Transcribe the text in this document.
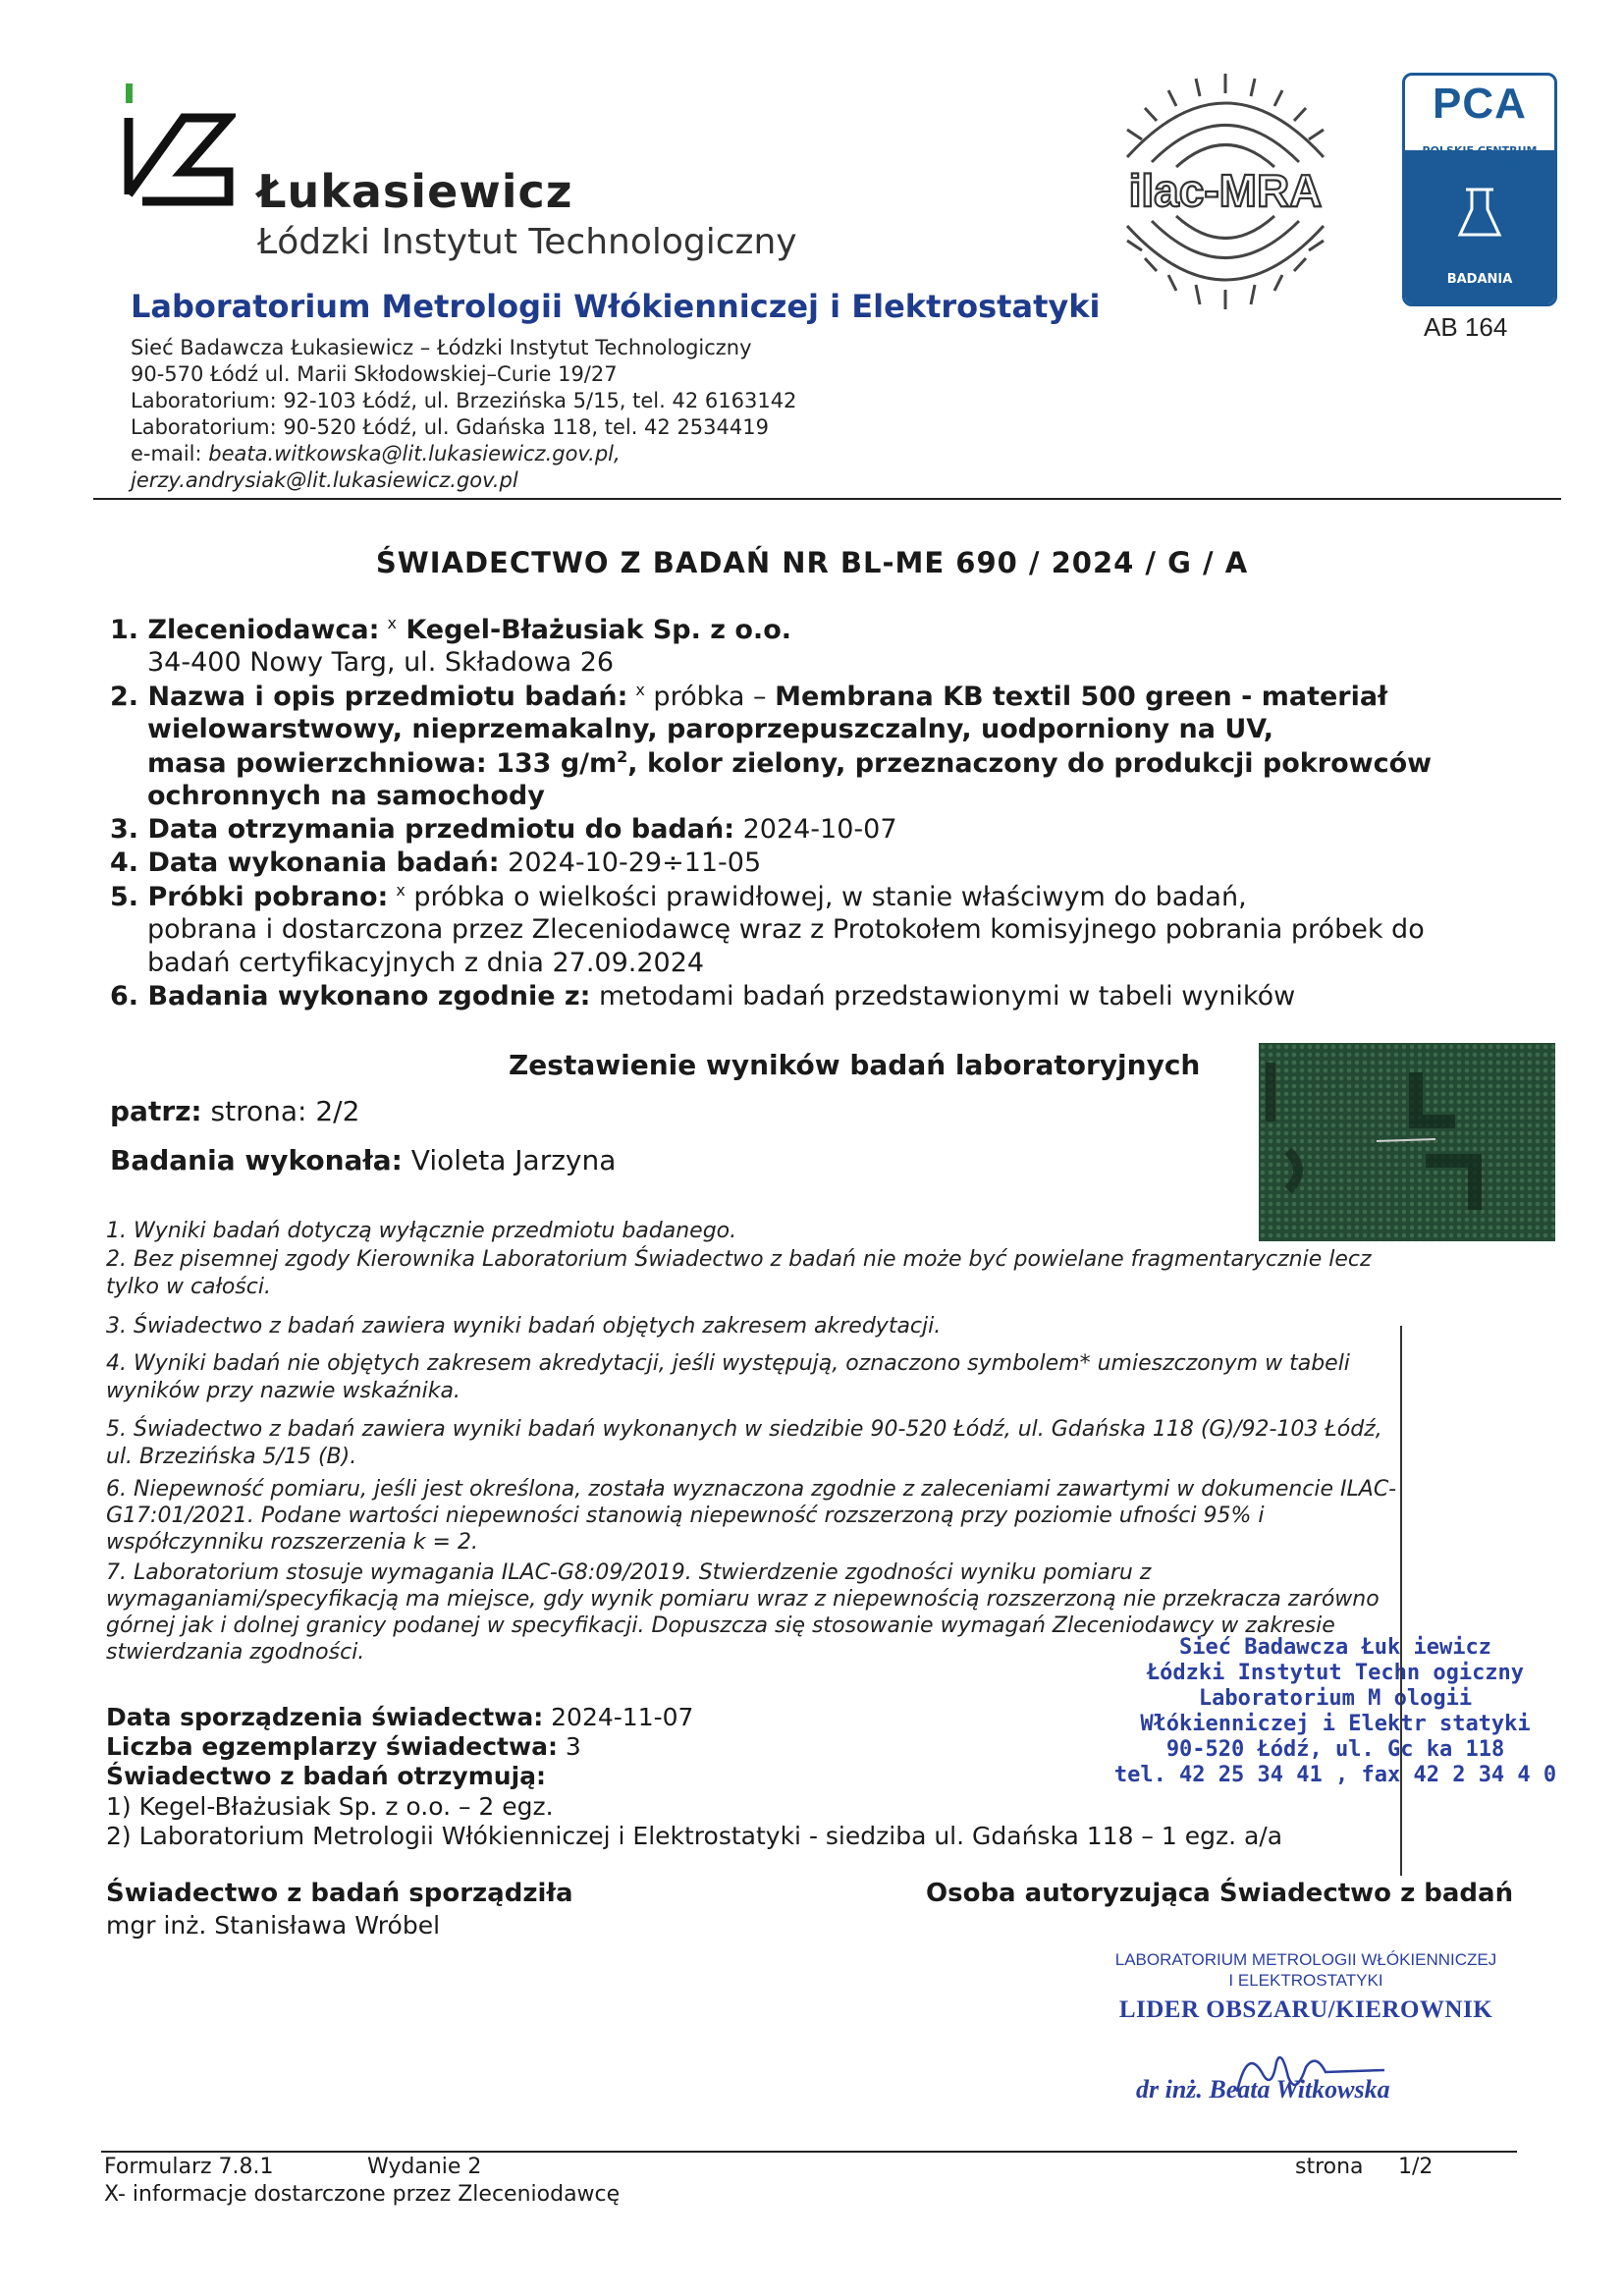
Łukasiewicz
Łódzki Instytut Technologiczny
Laboratorium Metrologii Włókienniczej i Elektrostatyki
Sieć Badawcza Łukasiewicz – Łódzki Instytut Technologiczny
90-570 Łódź ul. Marii Skłodowskiej–Curie 19/27
Laboratorium: 92-103 Łódź, ul. Brzezińska 5/15, tel. 42 6163142
Laboratorium: 90-520 Łódź, ul. Gdańska 118, tel. 42 2534419
e-mail: beata.witkowska@lit.lukasiewicz.gov.pl,
jerzy.andrysiak@lit.lukasiewicz.gov.pl
ilac-MRA
PCA
POLSKIE CENTRUM
AKREDYTACJI
BADANIA
AB 164
ŚWIADECTWO Z BADAŃ NR BL-ME 690 / 2024 / G / A
1. Zleceniodawca: $^x$ Kegel-Błażusiak Sp. z o.o.
34-400 Nowy Targ, ul. Składowa 26
2. Nazwa i opis przedmiotu badań: $^x$ próbka – Membrana KB textil 500 green - materiał
wielowarstwowy, nieprzemakalny, paroprzepuszczalny, uodporniony na UV,
masa powierzchniowa: 133 $g/m^2$, kolor zielony, przeznaczony do produkcji pokrowców
ochronnych na samochody
3. Data otrzymania przedmiotu do badań: 2024-10-07
4. Data wykonania badań: 2024-10-29÷11-05
5. Próbki pobrano: $^x$ próbka o wielkości prawidłowej, w stanie właściwym do badań,
pobrana i dostarczona przez Zleceniodawcę wraz z Protokołem komisyjnego pobrania próbek do
badań certyfikacyjnych z dnia 27.09.2024
6. Badania wykonano zgodnie z: metodami badań przedstawionymi w tabeli wyników
Zestawienie wyników badań laboratoryjnych
patrz: strona: 2/2
Badania wykonała: Violeta Jarzyna
1. Wyniki badań dotyczą wyłącznie przedmiotu badanego.
2. Bez pisemnej zgody Kierownika Laboratorium Świadectwo z badań nie może być powielane fragmentarycznie lecz
tylko w całości.
3. Świadectwo z badań zawiera wyniki badań objętych zakresem akredytacji.
4. Wyniki badań nie objętych zakresem akredytacji, jeśli występują, oznaczono symbolem* umieszczonym w tabeli
wyników przy nazwie wskaźnika.
5. Świadectwo z badań zawiera wyniki badań wykonanych w siedzibie 90-520 Łódź, ul. Gdańska 118 (G)/92-103 Łódź,
ul. Brzezińska 5/15 (B).
6. Niepewność pomiaru, jeśli jest określona, została wyznaczona zgodnie z zaleceniami zawartymi w dokumencie ILAC-
G17:01/2021. Podane wartości niepewności stanowią niepewność rozszerzoną przy poziomie ufności 95% i
współczynniku rozszerzenia k = 2.
7. Laboratorium stosuje wymagania ILAC-G8:09/2019. Stwierdzenie zgodności wyniku pomiaru z
wymaganiami/specyfikacją ma miejsce, gdy wynik pomiaru wraz z niepewnością rozszerzoną nie przekracza zarówno
górnej jak i dolnej granicy podanej w specyfikacji. Dopuszcza się stosowanie wymagań Zleceniodawcy w zakresie
stwierdzania zgodności.	Sieć Badawcza Łuk iewicz
Łódzki Instytut Techn ogiczny
Laboratorium M ologii
Włókienniczej i Elektr statyki
90-520 Łódź, ul. Gc ka 118
tel. 42 25 34 41 , fax 42 2 34 4 0
Data sporządzenia świadectwa: 2024-11-07
Liczba egzemplarzy świadectwa: 3
Świadectwo z badań otrzymują:
1) Kegel-Błażusiak Sp. z o.o. – 2 egz.
2) Laboratorium Metrologii Włókienniczej i Elektrostatyki - siedziba ul. Gdańska 118 – 1 egz. a/a
Świadectwo z badań sporządziła
mgr inż. Stanisława Wróbel
Osoba autoryzująca Świadectwo z badań
LABORATORIUM METROLOGII WŁÓKIENNICZEJ
I ELEKTROSTATYKI
LIDER OBSZARU/KIEROWNIK
dr inż. Beata Witkowska
Formularz 7.8.1	Wydanie 2	strona 1/2
X- informacje dostarczone przez Zleceniodawcę
